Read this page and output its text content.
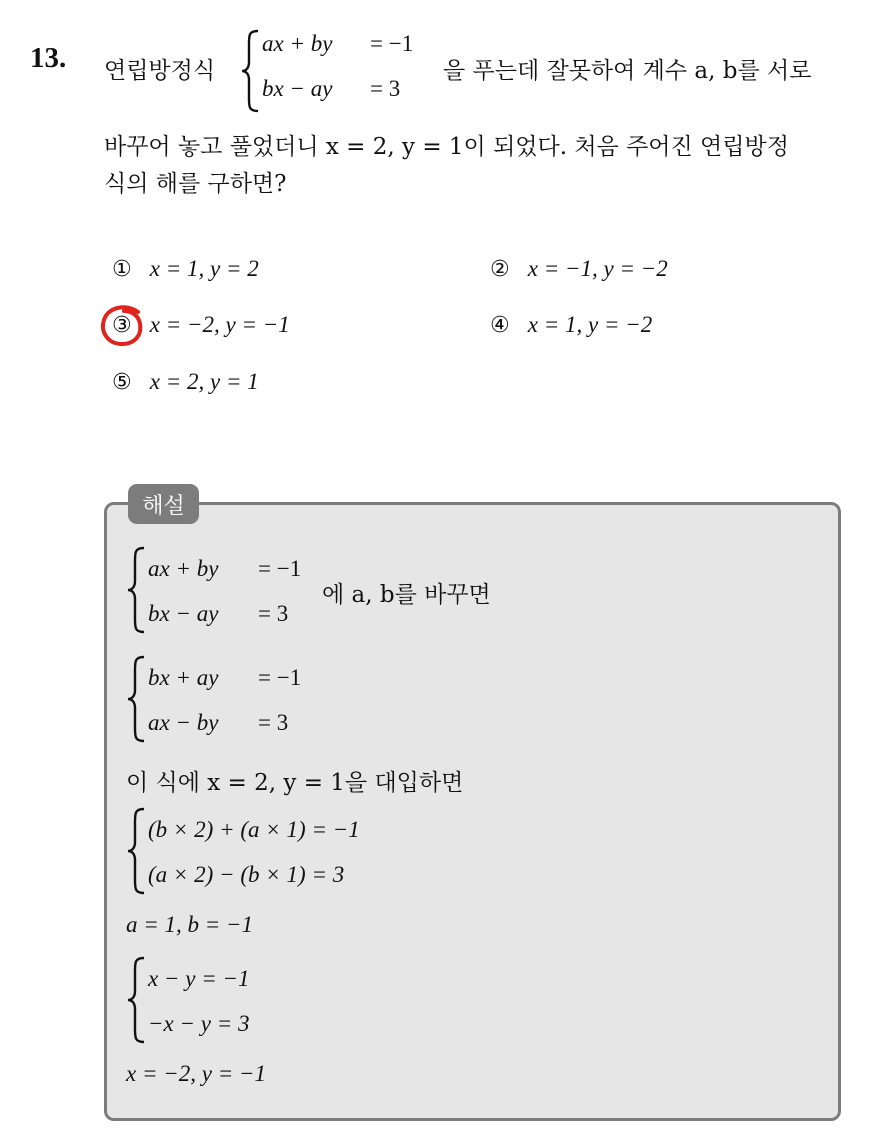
13. 연립방정식
ax + by = −1
bx − ay = 3
을 푸는데 잘못하여 계수 a, b를 서로
바꾸어 놓고 풀었더니 x = 2, y = 1이 되었다. 처음 주어진 연립방정
식의 해를 구하면?
① x = 1, y = 2	② x = −1, y = −2
③ x = −2, y = −1	④ x = 1, y = −2
⑤ x = 2, y = 1
해설
ax + by = −1
bx − ay = 3
에 a, b를 바꾸면
bx + ay = −1
ax − by = 3
이 식에 x = 2, y = 1을 대입하면
(b × 2) + (a × 1) = −1
(a × 2) − (b × 1) = 3
a = 1, b = −1
x − y = −1
−x − y = 3
x = −2, y = −1
